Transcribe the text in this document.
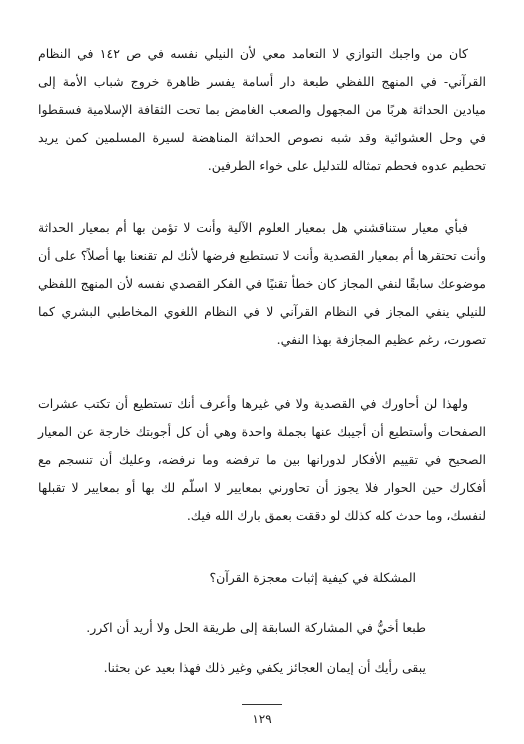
كان من واجبك التوازي لا التعامد معي لأن النيلي نفسه في ص ١٤٢ في النظام القرآني- في المنهج اللفظي طبعة دار أسامة يفسر ظاهرة خروج شباب الأمة إلى ميادين الحداثة هربًا من المجهول والصعب الغامض بما تحت الثقافة الإسلامية فسقطوا في وحل العشوائية وقد شبه نصوص الحداثة المناهضة لسيرة المسلمين كمن يريد تحطيم عدوه فحطم تمثاله للتدليل على خواء الطرفين.

فبأي معيار ستناقشني هل بمعيار العلوم الآلية وأنت لا تؤمن بها أم بمعيار الحداثة وأنت تحتقرها أم بمعيار القصدية وأنت لا تستطيع فرضها لأنك لم تقنعنا بها أصلاً؟ على أن موضوعك سابقًا لنفي المجاز كان خطأ تقنيًا في الفكر القصدي نفسه لأن المنهج اللفظي للنيلي ينفي المجاز في النظام القرآني لا في النظام اللغوي المخاطبي البشري كما تصورت، رغم عظيم المجازفة بهذا النفي.

ولهذا لن أحاورك في القصدية ولا في غيرها وأعرف أنك تستطيع أن تكتب عشرات الصفحات وأستطيع أن أجيبك عنها بجملة واحدة وهي أن كل أجوبتك خارجة عن المعيار الصحيح في تقييم الأفكار لدورانها بين ما ترفضه وما نرفضه، وعليك أن تنسجم مع أفكارك حين الحوار فلا يجوز أن تحاورني بمعايير لا اسلّم لك بها أو بمعايير لا تقبلها لنفسك، وما حدث كله كذلك لو دققت بعمق بارك الله فيك.

المشكلة في كيفية إثبات معجزة القرآن؟

طبعا أخيُّ في المشاركة السابقة إلى طريقة الحل ولا أريد أن اكرر.

يبقى رأيك أن إيمان العجائز يكفي وغير ذلك فهذا بعيد عن بحثنا.

١٢٩
